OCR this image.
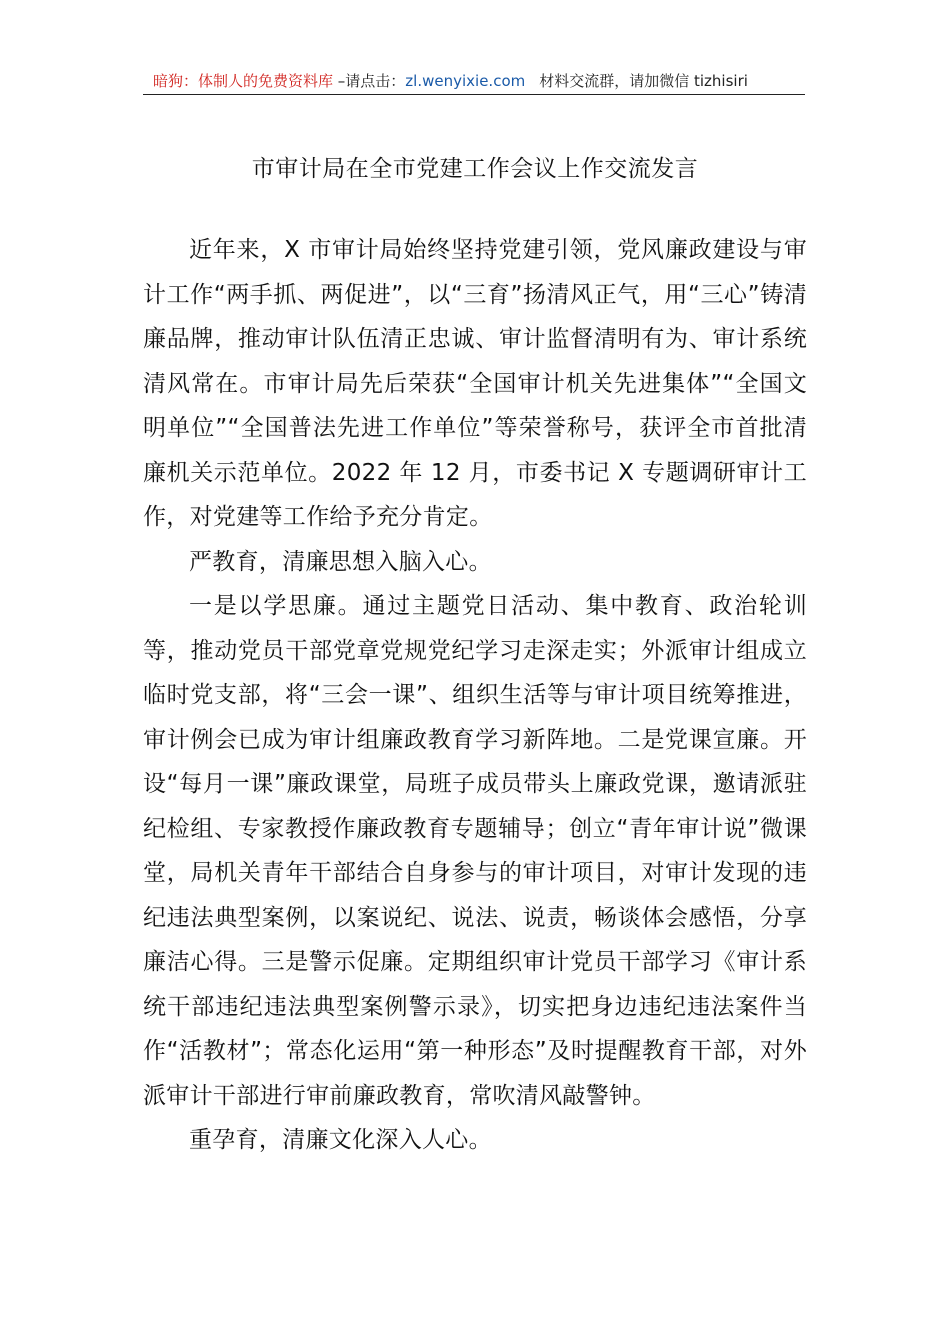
暗狗：体制人的免费资料库 –请点击：zl.wenyixie.com 材料交流群，请加微信 tizhisiri
市审计局在全市党建工作会议上作交流发言

近年来，X 市审计局始终坚持党建引领，党风廉政建设与审计工作“两手抓、两促进”，以“三育”扬清风正气，用“三心”铸清廉品牌，推动审计队伍清正忠诚、审计监督清明有为、审计系统清风常在。市审计局先后荣获“全国审计机关先进集体”“全国文明单位”“全国普法先进工作单位”等荣誉称号，获评全市首批清廉机关示范单位。2022 年 12 月，市委书记 X 专题调研审计工作，对党建等工作给予充分肯定。

严教育，清廉思想入脑入心。

一是以学思廉。通过主题党日活动、集中教育、政治轮训等，推动党员干部党章党规党纪学习走深走实；外派审计组成立临时党支部，将“三会一课”、组织生活等与审计项目统筹推进，审计例会已成为审计组廉政教育学习新阵地。二是党课宣廉。开设“每月一课”廉政课堂，局班子成员带头上廉政党课，邀请派驻纪检组、专家教授作廉政教育专题辅导；创立“青年审计说”微课堂，局机关青年干部结合自身参与的审计项目，对审计发现的违纪违法典型案例，以案说纪、说法、说责，畅谈体会感悟，分享廉洁心得。三是警示促廉。定期组织审计党员干部学习《审计系统干部违纪违法典型案例警示录》，切实把身边违纪违法案件当作“活教材”；常态化运用“第一种形态”及时提醒教育干部，对外派审计干部进行审前廉政教育，常吹清风敲警钟。

重孕育，清廉文化深入人心。
